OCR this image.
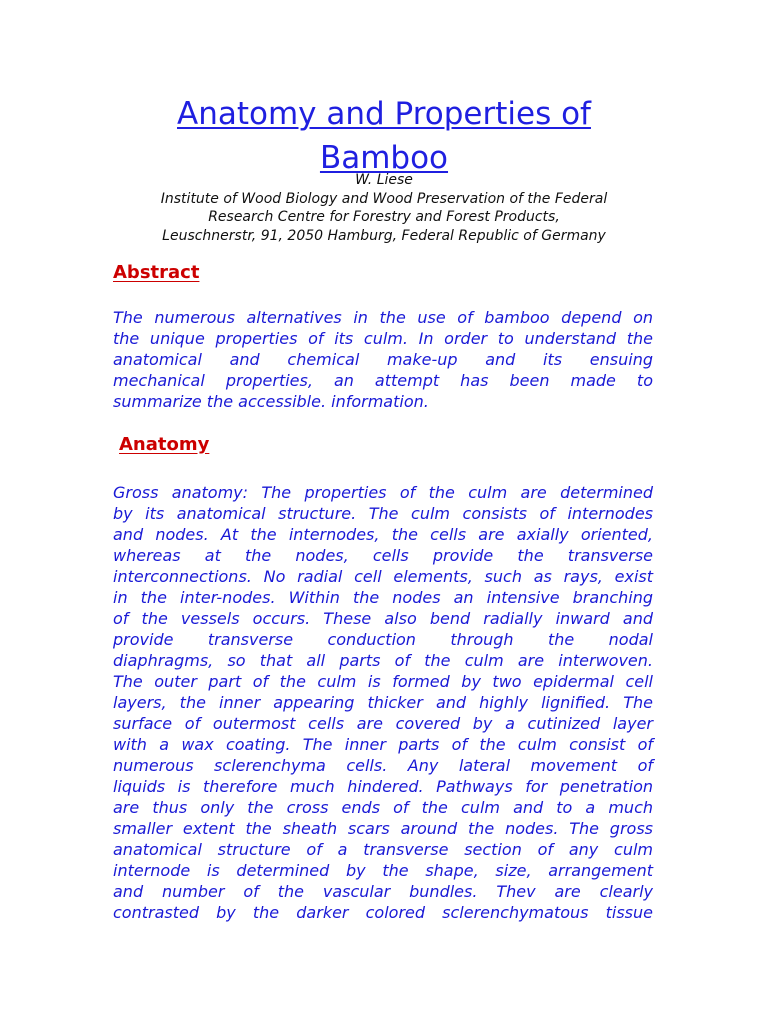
Anatomy and Properties of
Bamboo
W. Liese
Institute of Wood Biology and Wood Preservation of the Federal
Research Centre for Forestry and Forest Products,
Leuschnerstr, 91, 2050 Hamburg, Federal Republic of Germany
Abstract
The numerous alternatives in the use of bamboo depend on
the unique properties of its culm. In order to understand the
anatomical and chemical make-up and its ensuing
mechanical properties, an attempt has been made to
summarize the accessible. information.
Anatomy
Gross anatomy: The properties of the culm are determined
by its anatomical structure. The culm consists of internodes
and nodes. At the internodes, the cells are axially oriented,
whereas at the nodes, cells provide the transverse
interconnections. No radial cell elements, such as rays, exist
in the inter-nodes. Within the nodes an intensive branching
of the vessels occurs. These also bend radially inward and
provide transverse conduction through the nodal
diaphragms, so that all parts of the culm are interwoven.
The outer part of the culm is formed by two epidermal cell
layers, the inner appearing thicker and highly lignified. The
surface of outermost cells are covered by a cutinized layer
with a wax coating. The inner parts of the culm consist of
numerous sclerenchyma cells. Any lateral movement of
liquids is therefore much hindered. Pathways for penetration
are thus only the cross ends of the culm and to a much
smaller extent the sheath scars around the nodes. The gross
anatomical structure of a transverse section of any culm
internode is determined by the shape, size, arrangement
and number of the vascular bundles. Thev are clearly
contrasted by the darker colored sclerenchymatous tissue
